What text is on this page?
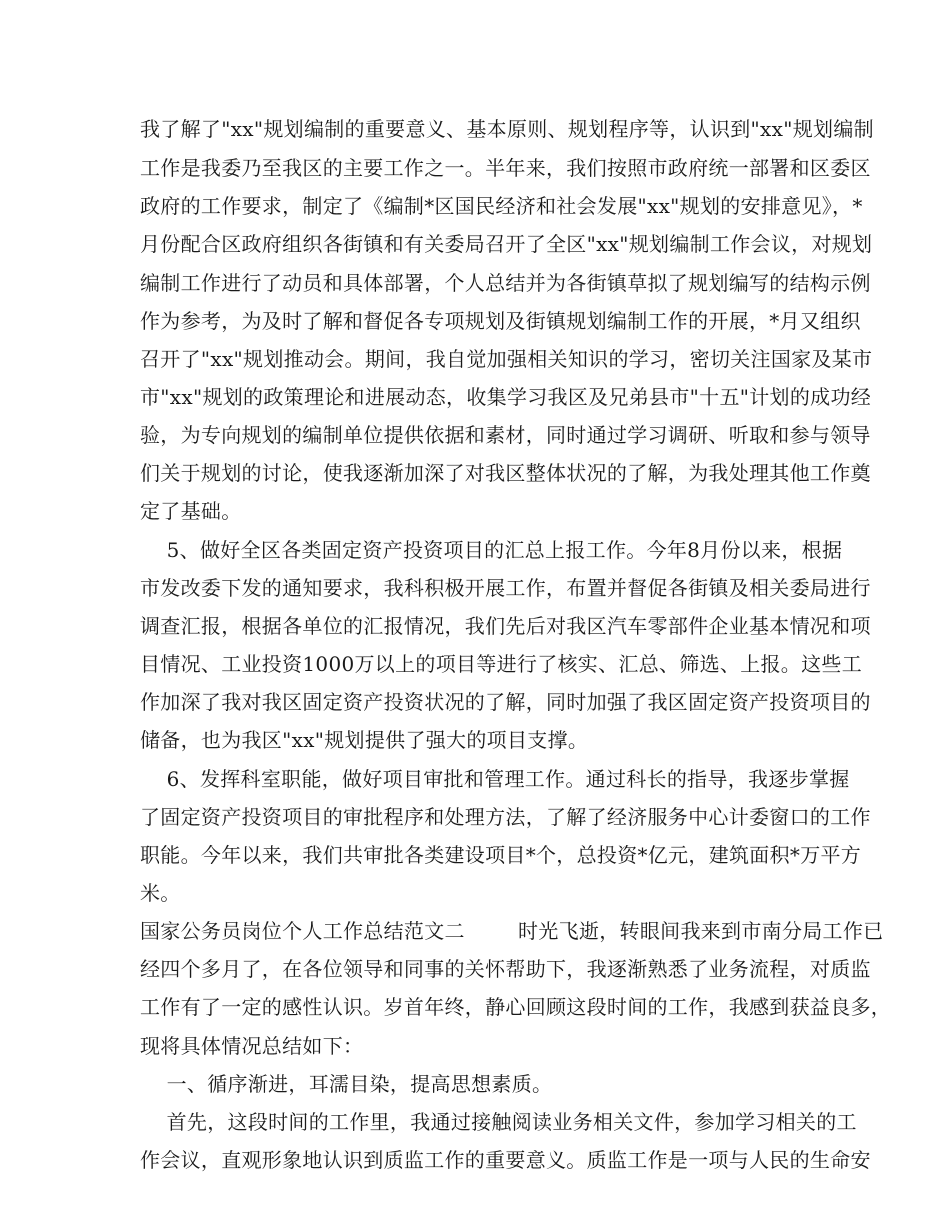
我了解了"xx"规划编制的重要意义、基本原则、规划程序等，认识到"xx"规划编制
工作是我委乃至我区的主要工作之一。半年来，我们按照市政府统一部署和区委区
政府的工作要求，制定了《编制*区国民经济和社会发展"xx"规划的安排意见》，*
月份配合区政府组织各街镇和有关委局召开了全区"xx"规划编制工作会议，对规划
编制工作进行了动员和具体部署，个人总结并为各街镇草拟了规划编写的结构示例
作为参考，为及时了解和督促各专项规划及街镇规划编制工作的开展，*月又组织
召开了"xx"规划推动会。期间，我自觉加强相关知识的学习，密切关注国家及某市
市"xx"规划的政策理论和进展动态，收集学习我区及兄弟县市"十五"计划的成功经
验，为专向规划的编制单位提供依据和素材，同时通过学习调研、听取和参与领导
们关于规划的讨论，使我逐渐加深了对我区整体状况的了解，为我处理其他工作奠
定了基础。
5、做好全区各类固定资产投资项目的汇总上报工作。今年8月份以来，根据
市发改委下发的通知要求，我科积极开展工作，布置并督促各街镇及相关委局进行
调查汇报，根据各单位的汇报情况，我们先后对我区汽车零部件企业基本情况和项
目情况、工业投资1000万以上的项目等进行了核实、汇总、筛选、上报。这些工
作加深了我对我区固定资产投资状况的了解，同时加强了我区固定资产投资项目的
储备，也为我区"xx"规划提供了强大的项目支撑。
6、发挥科室职能，做好项目审批和管理工作。通过科长的指导，我逐步掌握
了固定资产投资项目的审批程序和处理方法，了解了经济服务中心计委窗口的工作
职能。今年以来，我们共审批各类建设项目*个，总投资*亿元，建筑面积*万平方
米。
国家公务员岗位个人工作总结范文二        时光飞逝，转眼间我来到市南分局工作已
经四个多月了，在各位领导和同事的关怀帮助下，我逐渐熟悉了业务流程，对质监
工作有了一定的感性认识。岁首年终，静心回顾这段时间的工作，我感到获益良多，
现将具体情况总结如下：
一、循序渐进，耳濡目染，提高思想素质。
首先，这段时间的工作里，我通过接触阅读业务相关文件，参加学习相关的工
作会议，直观形象地认识到质监工作的重要意义。质监工作是一项与人民的生命安
